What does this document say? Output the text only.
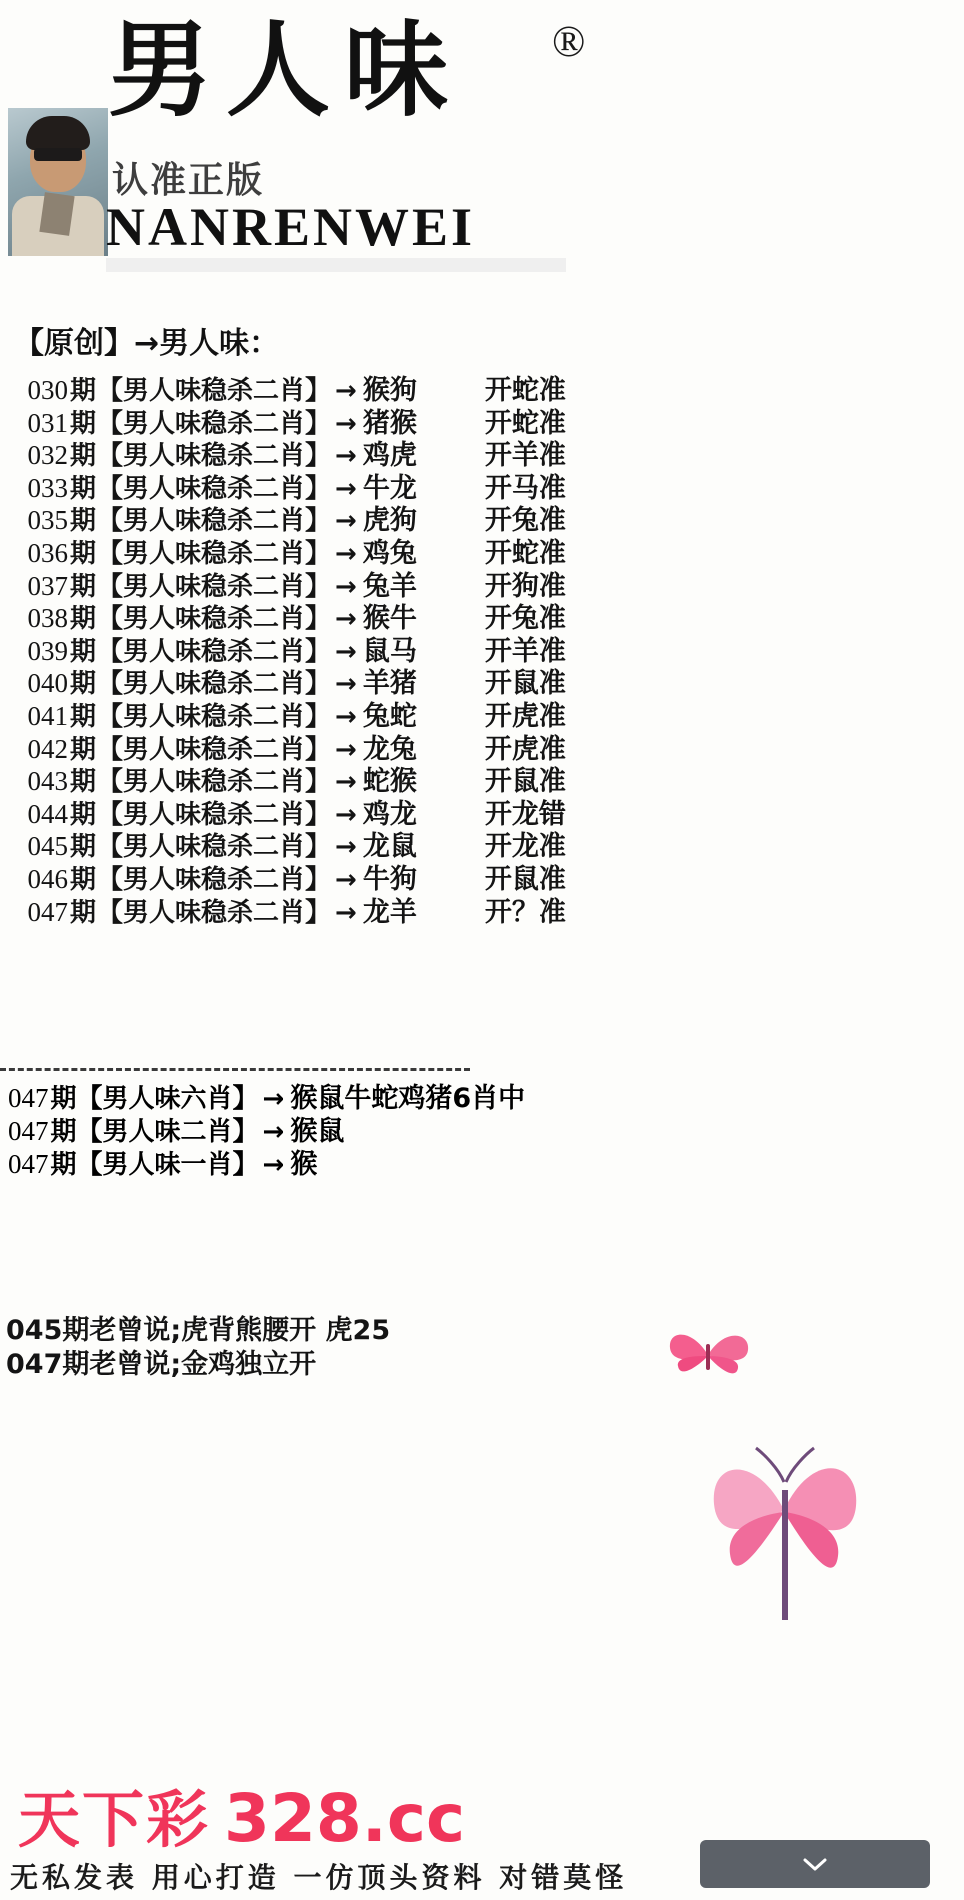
男人味 ®
认准正版
NANRENWEI
【原创】→男人味：
030 期 【男人味稳杀二肖】 → 猴狗	开蛇准
031 期 【男人味稳杀二肖】 → 猪猴	开蛇准
032 期 【男人味稳杀二肖】 → 鸡虎	开羊准
033 期 【男人味稳杀二肖】 → 牛龙	开马准
035 期 【男人味稳杀二肖】 → 虎狗	开兔准
036 期 【男人味稳杀二肖】 → 鸡兔	开蛇准
037 期 【男人味稳杀二肖】 → 兔羊	开狗准
038 期 【男人味稳杀二肖】 → 猴牛	开兔准
039 期 【男人味稳杀二肖】 → 鼠马	开羊准
040 期 【男人味稳杀二肖】 → 羊猪	开鼠准
041 期 【男人味稳杀二肖】 → 兔蛇	开虎准
042 期 【男人味稳杀二肖】 → 龙兔	开虎准
043 期 【男人味稳杀二肖】 → 蛇猴	开鼠准
044 期 【男人味稳杀二肖】 → 鸡龙	开龙错
045 期 【男人味稳杀二肖】 → 龙鼠	开龙准
046 期 【男人味稳杀二肖】 → 牛狗	开鼠准
047 期 【男人味稳杀二肖】 → 龙羊	开？准
047 期 【男人味六肖】 → 猴鼠牛蛇鸡猪6肖中
047 期 【男人味二肖】 → 猴鼠
047 期 【男人味一肖】 → 猴
045期老曾说;虎背熊腰开 虎25
047期老曾说;金鸡独立开
天下彩 328.cc
无私发表 用心打造 一仿顶头资料 对错莫怪
